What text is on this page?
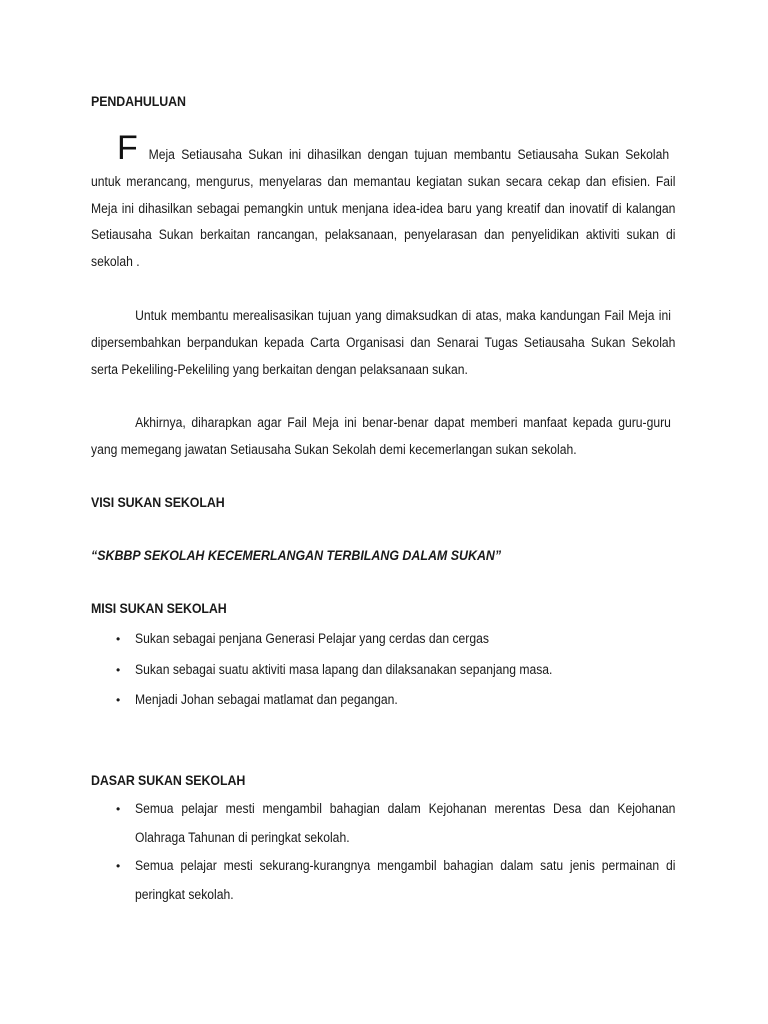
PENDAHULUAN
F Meja Setiausaha Sukan ini dihasilkan dengan tujuan membantu Setiausaha Sukan Sekolah
untuk merancang, mengurus, menyelaras dan memantau kegiatan sukan secara cekap dan efisien. Fail
Meja ini dihasilkan sebagai pemangkin untuk menjana idea-idea baru yang kreatif dan inovatif di kalangan
Setiausaha Sukan berkaitan rancangan, pelaksanaan, penyelarasan dan penyelidikan aktiviti sukan di
sekolah .
Untuk membantu merealisasikan tujuan yang dimaksudkan di atas, maka kandungan Fail Meja ini
dipersembahkan berpandukan kepada Carta Organisasi dan Senarai Tugas Setiausaha Sukan Sekolah
serta Pekeliling-Pekeliling yang berkaitan dengan pelaksanaan sukan.
Akhirnya, diharapkan agar Fail Meja ini benar-benar dapat memberi manfaat kepada guru-guru
yang memegang jawatan Setiausaha Sukan Sekolah demi kecemerlangan sukan sekolah.
VISI SUKAN SEKOLAH
“SKBBP SEKOLAH KECEMERLANGAN TERBILANG DALAM SUKAN”
MISI SUKAN SEKOLAH
• Sukan sebagai penjana Generasi Pelajar yang cerdas dan cergas
• Sukan sebagai suatu aktiviti masa lapang dan dilaksanakan sepanjang masa.
• Menjadi Johan sebagai matlamat dan pegangan.
DASAR SUKAN SEKOLAH
• Semua pelajar mesti mengambil bahagian dalam Kejohanan merentas Desa dan Kejohanan
Olahraga Tahunan di peringkat sekolah.
• Semua pelajar mesti sekurang-kurangnya mengambil bahagian dalam satu jenis permainan di
peringkat sekolah.
